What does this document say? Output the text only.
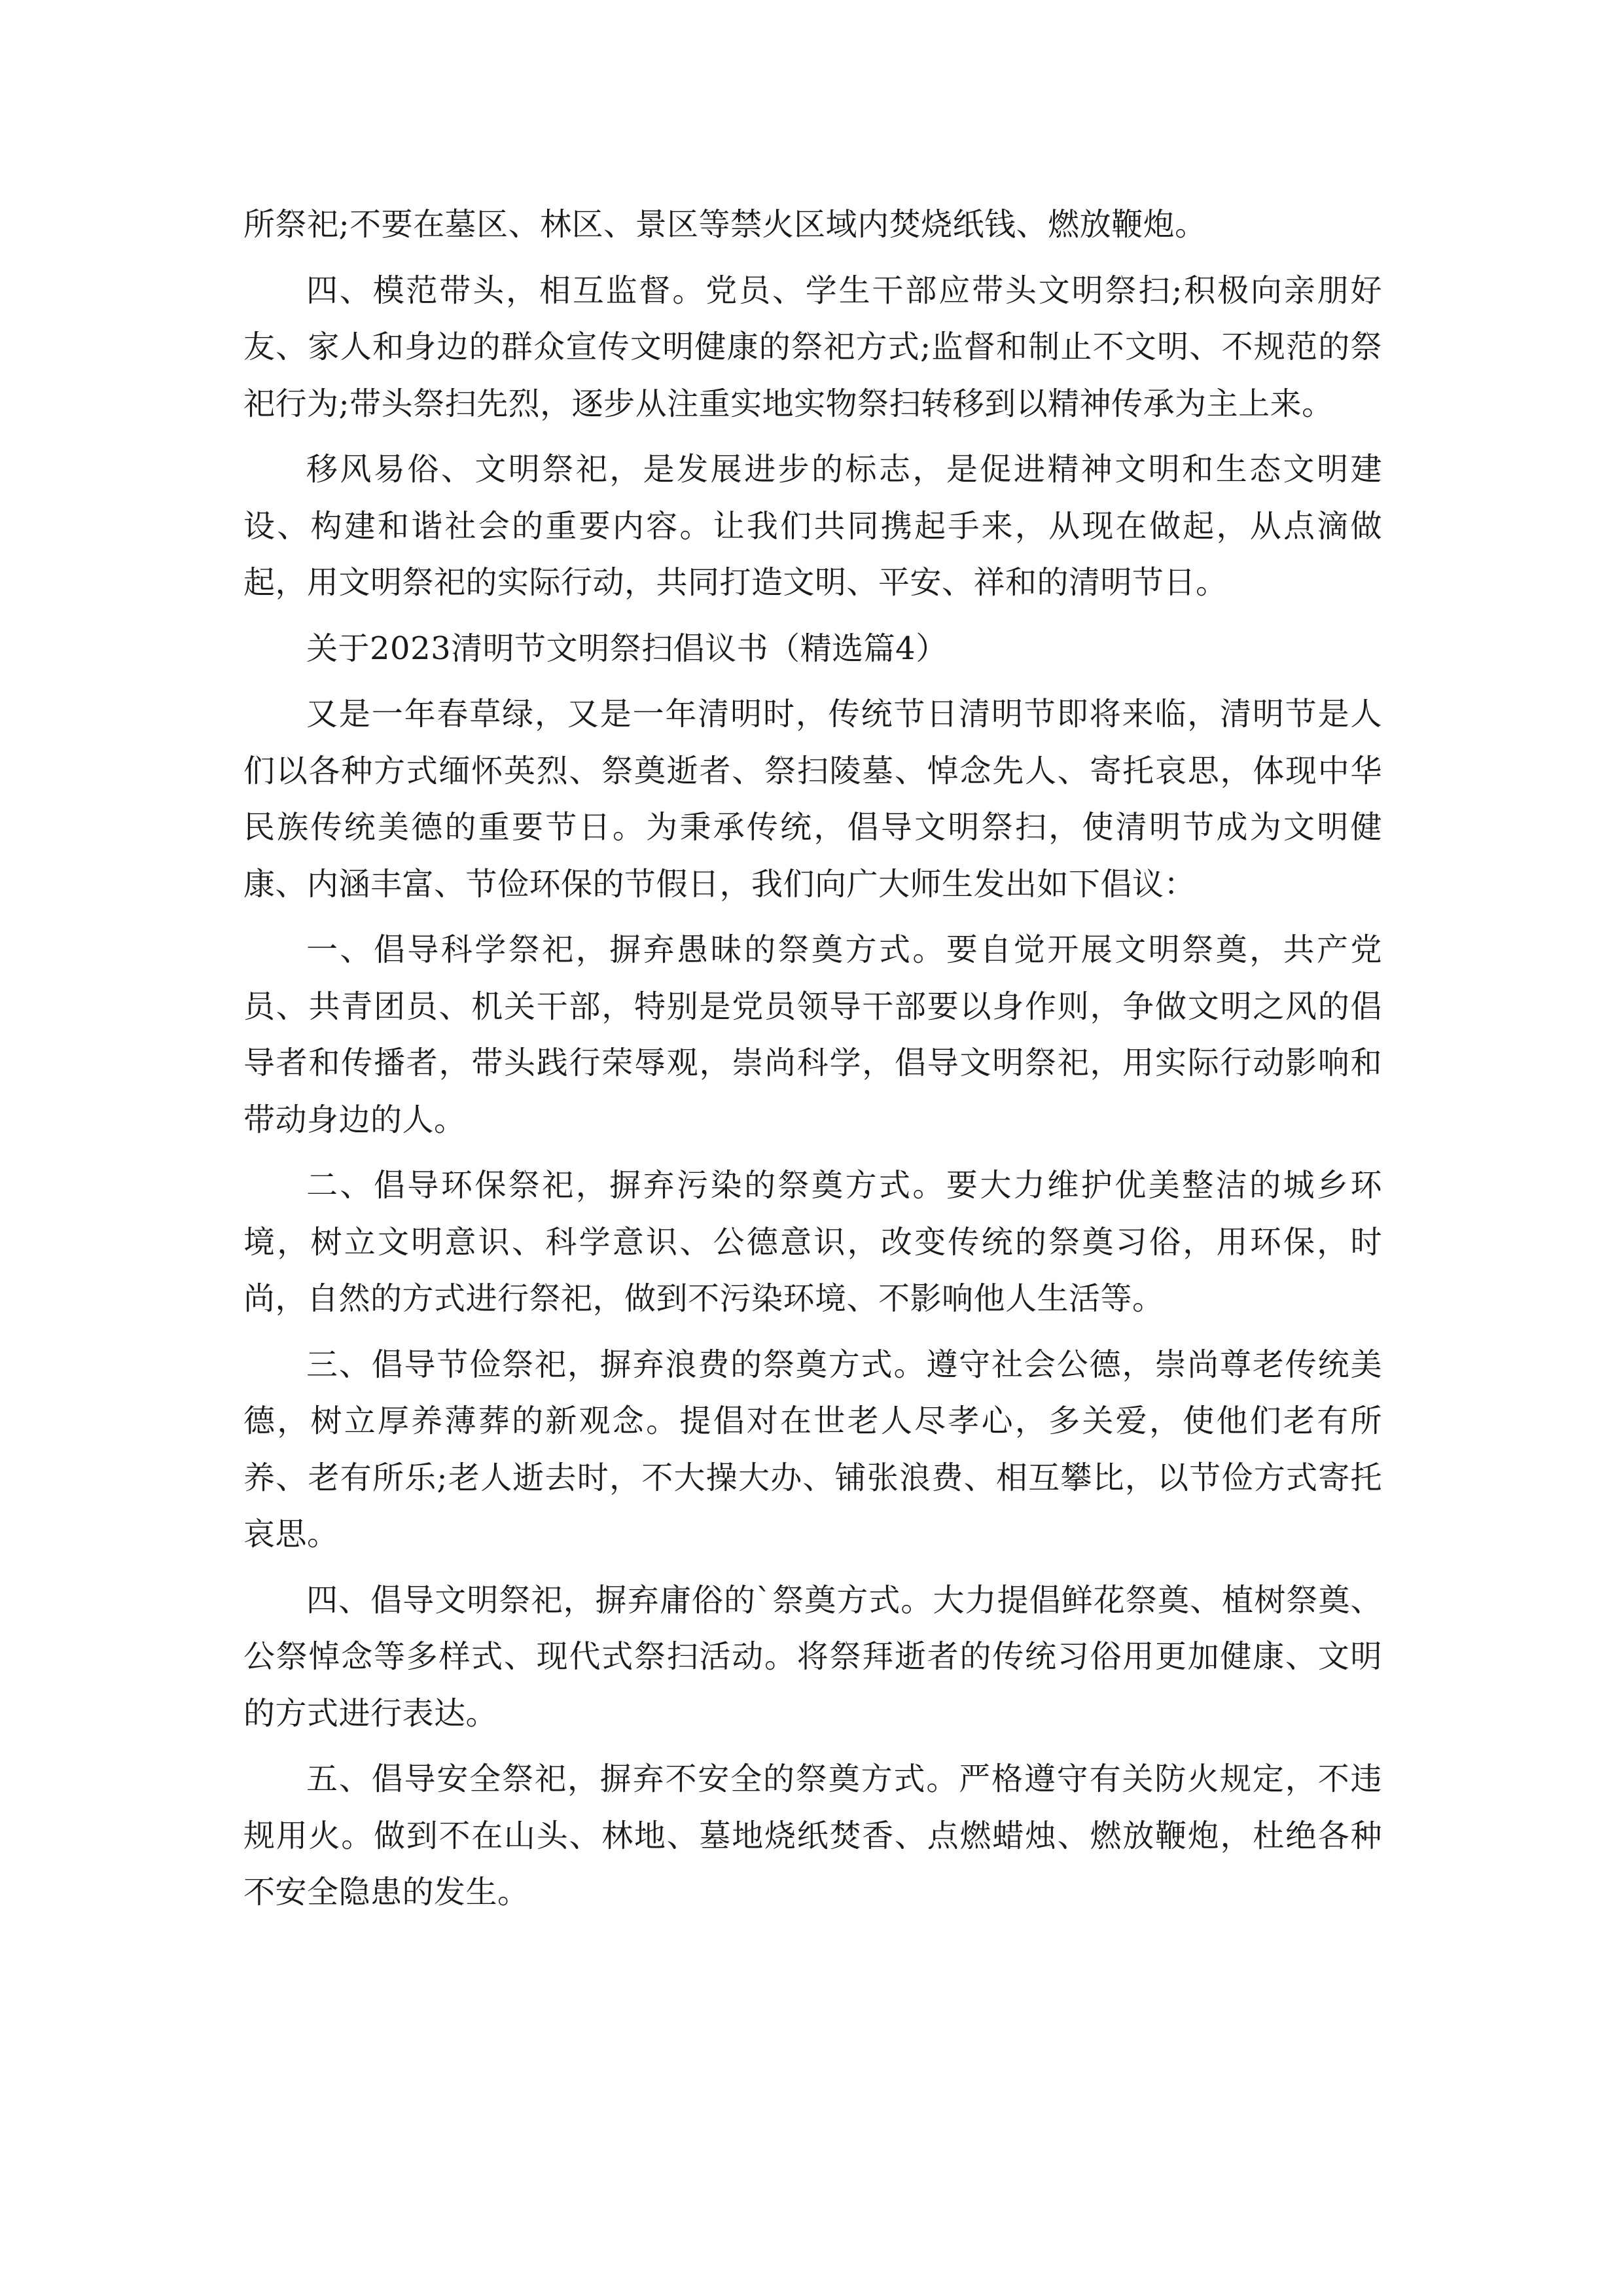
所祭祀;不要在墓区、林区、景区等禁火区域内焚烧纸钱、燃放鞭炮。

四、模范带头，相互监督。党员、学生干部应带头文明祭扫;积极向亲朋好友、家人和身边的群众宣传文明健康的祭祀方式;监督和制止不文明、不规范的祭祀行为;带头祭扫先烈，逐步从注重实地实物祭扫转移到以精神传承为主上来。

移风易俗、文明祭祀，是发展进步的标志，是促进精神文明和生态文明建设、构建和谐社会的重要内容。让我们共同携起手来，从现在做起，从点滴做起，用文明祭祀的实际行动，共同打造文明、平安、祥和的清明节日。

关于2023清明节文明祭扫倡议书（精选篇4）

又是一年春草绿，又是一年清明时，传统节日清明节即将来临，清明节是人们以各种方式缅怀英烈、祭奠逝者、祭扫陵墓、悼念先人、寄托哀思，体现中华民族传统美德的重要节日。为秉承传统，倡导文明祭扫，使清明节成为文明健康、内涵丰富、节俭环保的节假日，我们向广大师生发出如下倡议：

一、倡导科学祭祀，摒弃愚昧的祭奠方式。要自觉开展文明祭奠，共产党员、共青团员、机关干部，特别是党员领导干部要以身作则，争做文明之风的倡导者和传播者，带头践行荣辱观，崇尚科学，倡导文明祭祀，用实际行动影响和带动身边的人。

二、倡导环保祭祀，摒弃污染的祭奠方式。要大力维护优美整洁的城乡环境，树立文明意识、科学意识、公德意识，改变传统的祭奠习俗，用环保，时尚，自然的方式进行祭祀，做到不污染环境、不影响他人生活等。

三、倡导节俭祭祀，摒弃浪费的祭奠方式。遵守社会公德，崇尚尊老传统美德，树立厚养薄葬的新观念。提倡对在世老人尽孝心，多关爱，使他们老有所养、老有所乐;老人逝去时，不大操大办、铺张浪费、相互攀比，以节俭方式寄托哀思。

四、倡导文明祭祀，摒弃庸俗的`祭奠方式。大力提倡鲜花祭奠、植树祭奠、公祭悼念等多样式、现代式祭扫活动。将祭拜逝者的传统习俗用更加健康、文明的方式进行表达。

五、倡导安全祭祀，摒弃不安全的祭奠方式。严格遵守有关防火规定，不违规用火。做到不在山头、林地、墓地烧纸焚香、点燃蜡烛、燃放鞭炮，杜绝各种不安全隐患的发生。
